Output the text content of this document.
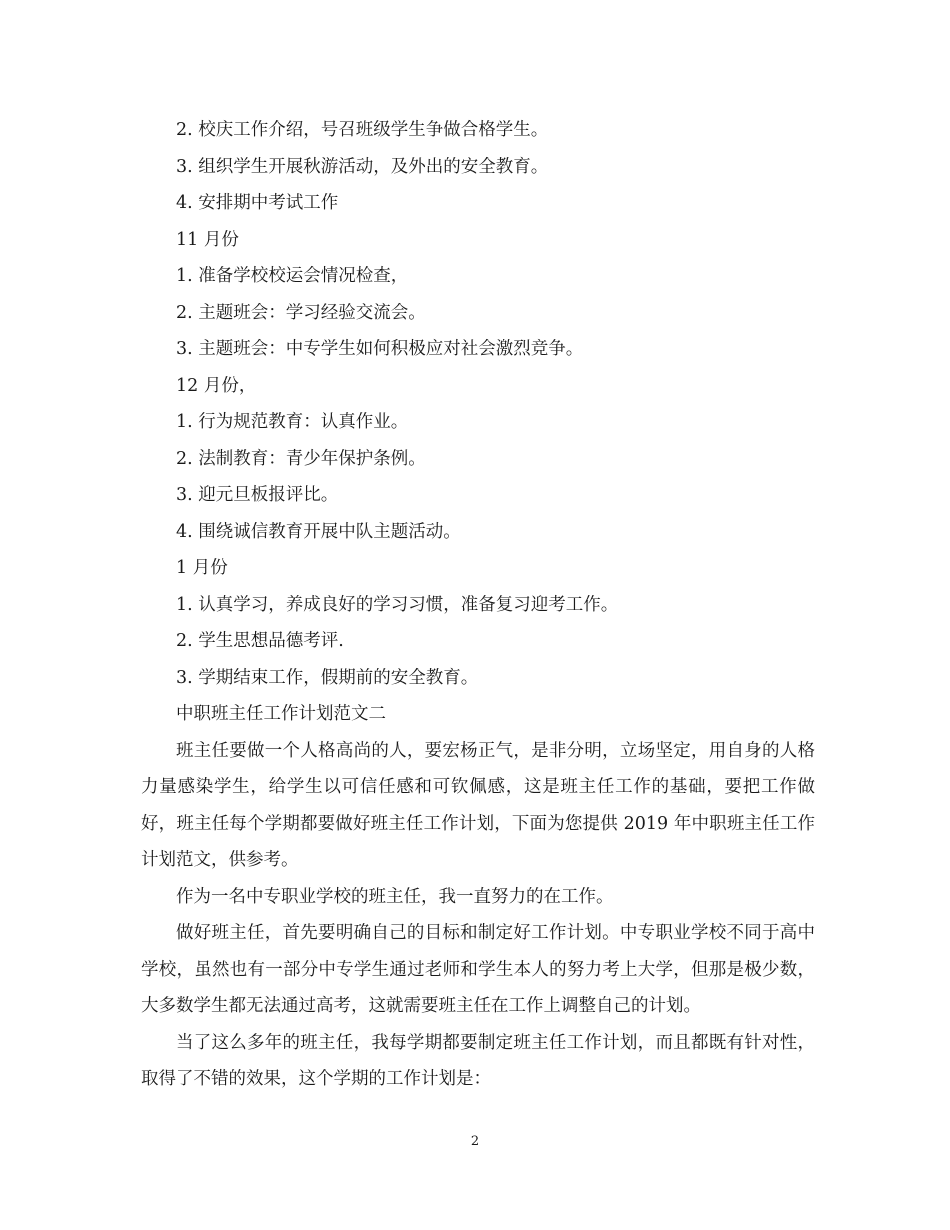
2. 校庆工作介绍，号召班级学生争做合格学生。
3. 组织学生开展秋游活动，及外出的安全教育。
4. 安排期中考试工作
11 月份
1. 准备学校校运会情况检查，
2. 主题班会：学习经验交流会。
3. 主题班会：中专学生如何积极应对社会激烈竞争。
12 月份，
1. 行为规范教育：认真作业。
2. 法制教育：青少年保护条例。
3. 迎元旦板报评比。
4. 围绕诚信教育开展中队主题活动。
1 月份
1. 认真学习，养成良好的学习习惯，准备复习迎考工作。
2. 学生思想品德考评.
3. 学期结束工作，假期前的安全教育。
中职班主任工作计划范文二

班主任要做一个人格高尚的人，要宏杨正气，是非分明，立场坚定，用自身的人格力量感染学生，给学生以可信任感和可钦佩感，这是班主任工作的基础，要把工作做好，班主任每个学期都要做好班主任工作计划，下面为您提供 2019 年中职班主任工作计划范文，供参考。

作为一名中专职业学校的班主任，我一直努力的在工作。

做好班主任，首先要明确自己的目标和制定好工作计划。中专职业学校不同于高中学校，虽然也有一部分中专学生通过老师和学生本人的努力考上大学，但那是极少数，大多数学生都无法通过高考，这就需要班主任在工作上调整自己的计划。

当了这么多年的班主任，我每学期都要制定班主任工作计划，而且都既有针对性，取得了不错的效果，这个学期的工作计划是：

2
